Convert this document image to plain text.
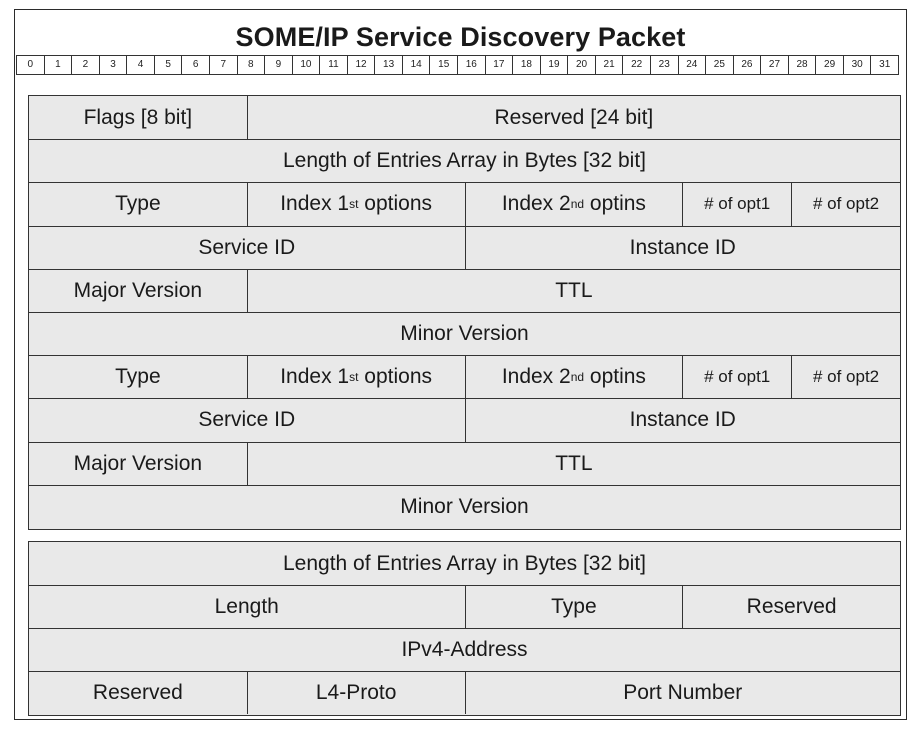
SOME/IP Service Discovery Packet
0	1	2	3	4	5	6	7	8	9	10	11	12	13	14	15	16	17	18	19	20	21	22	23	24	25	26	27	28	29	30	31
Flags [8 bit]	Reserved [24 bit]
Length of Entries Array in Bytes [32 bit]
Type	Index 1 st options	Index 2 nd optins	# of opt1	# of opt2
Service ID	Instance ID
Major Version	TTL
Minor Version
Type	Index 1 st options	Index 2 nd optins	# of opt1	# of opt2
Service ID	Instance ID
Major Version	TTL
Minor Version
Length of Entries Array in Bytes [32 bit]
Length	Type	Reserved
IPv4-Address
Reserved	L4-Proto	Port Number
